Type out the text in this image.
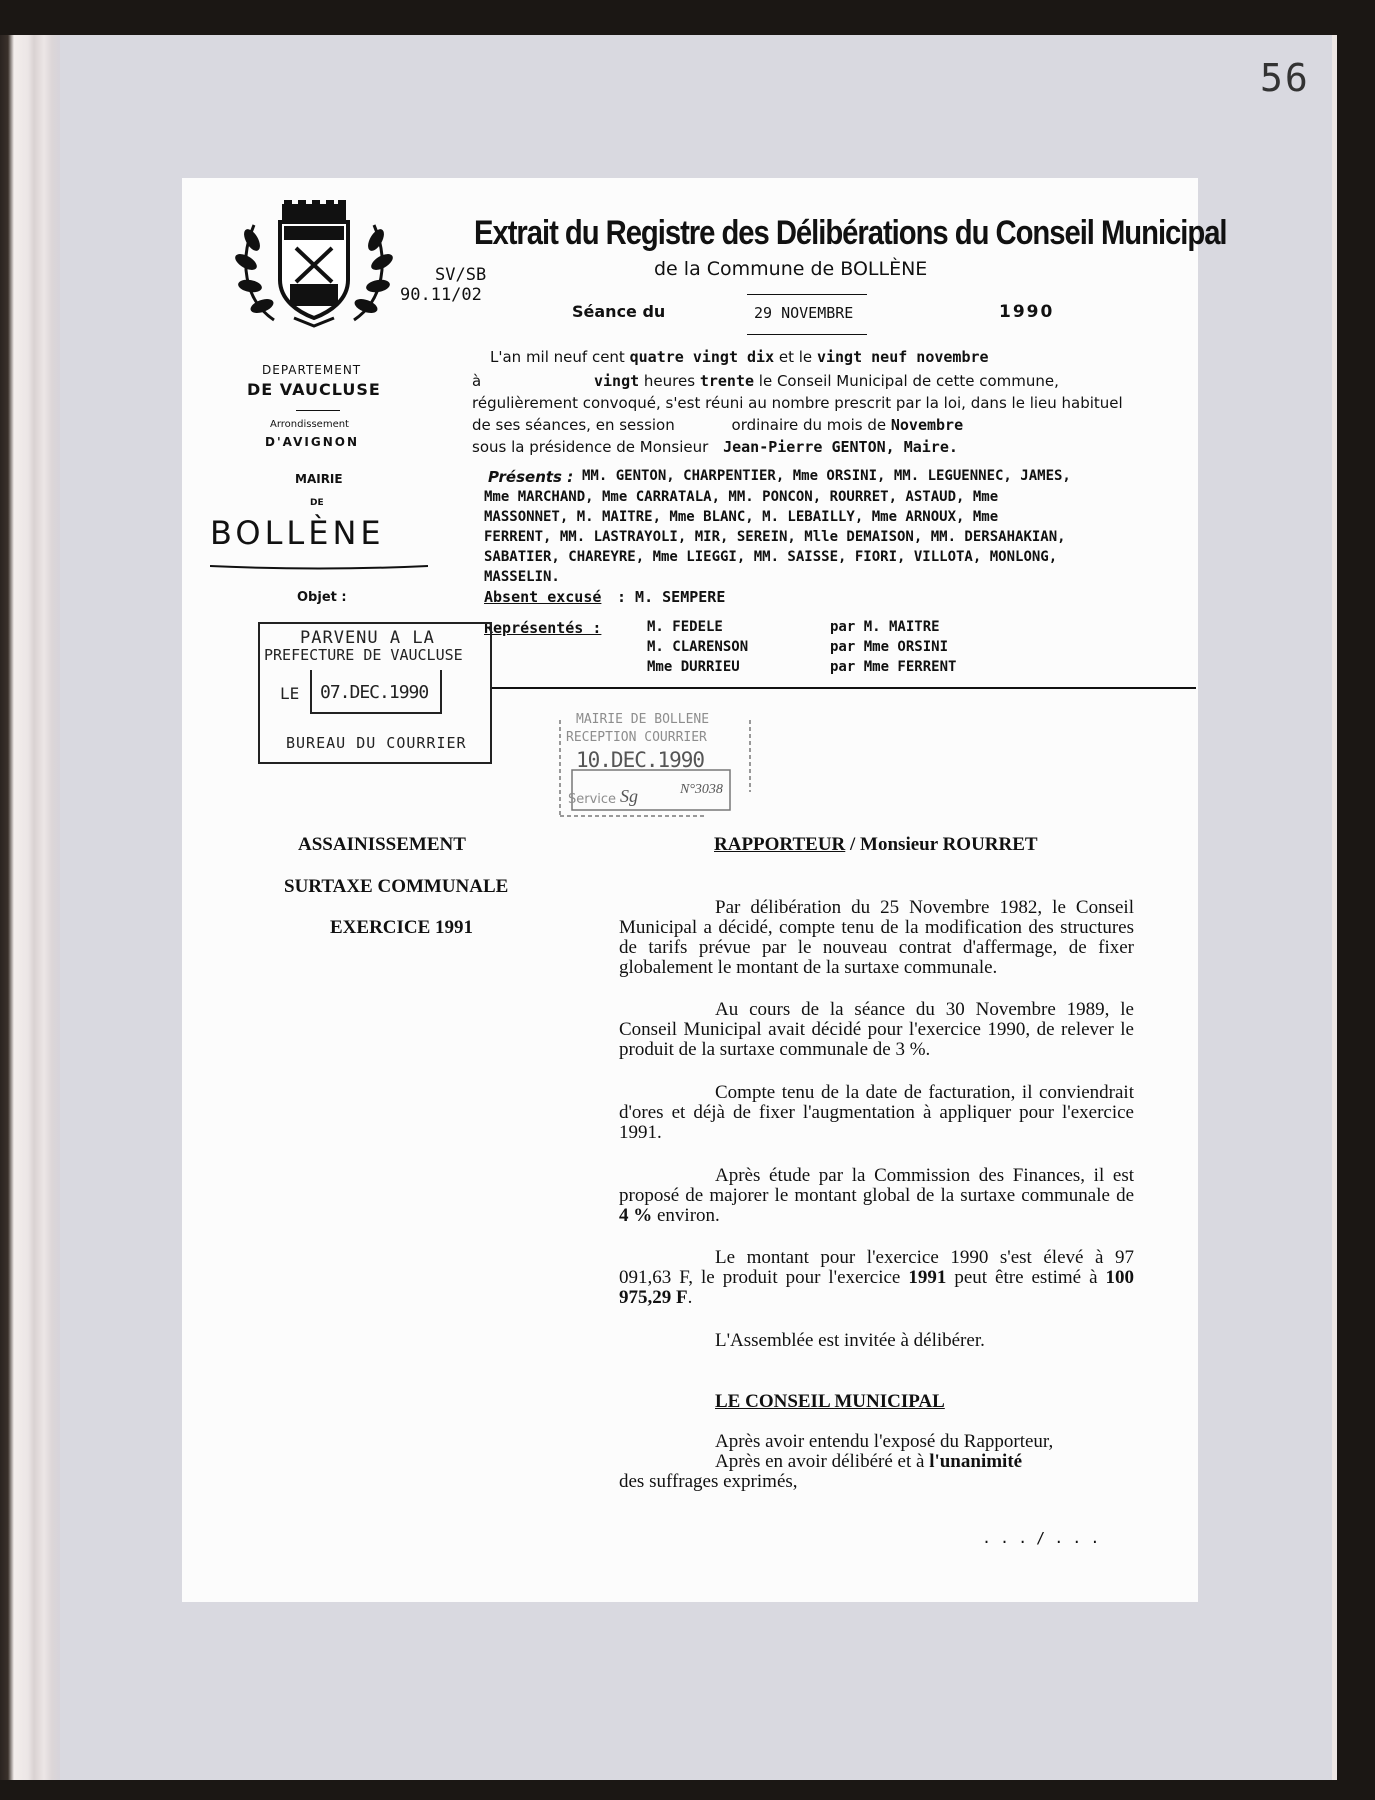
56
SV/SB
90.11/02
Extrait du Registre des Délibérations du Conseil Municipal
de la Commune de BOLLÈNE
Séance du	29 NOVEMBRE	1990
DEPARTEMENT
DE VAUCLUSE
Arrondissement
D'AVIGNON
MAIRIE
DE
BOLLÈNE
Objet :
L'an mil neuf cent quatre vingt dix et le vingt neuf novembre
à	vingt heures trente le Conseil Municipal de cette commune,
régulièrement convoqué, s'est réuni au nombre prescrit par la loi, dans le lieu habituel
de ses séances, en session	ordinaire du mois de Novembre
sous la présidence de Monsieur Jean-Pierre GENTON, Maire.
Présents : MM. GENTON, CHARPENTIER, Mme ORSINI, MM. LEGUENNEC, JAMES,
Mme MARCHAND, Mme CARRATALA, MM. PONCON, ROURRET, ASTAUD, Mme
MASSONNET, M. MAITRE, Mme BLANC, M. LEBAILLY, Mme ARNOUX, Mme
FERRENT, MM. LASTRAYOLI, MIR, SEREIN, Mlle DEMAISON, MM. DERSAHAKIAN,
SABATIER, CHAREYRE, Mme LIEGGI, MM. SAISSE, FIORI, VILLOTA, MONLONG,
MASSELIN.
Absent excusé : M. SEMPERE
Représentés :	M. FEDELE	par M. MAITRE
M. CLARENSON	par Mme ORSINI
Mme DURRIEU	par Mme FERRENT
PARVENU A LA
PREFECTURE DE VAUCLUSE
LE 07.DEC.1990
BUREAU DU COURRIER
MAIRIE DE BOLLENE
RECEPTION COURRIER
10.DEC.1990
Service Sg	N°3038
ASSAINISSEMENT
SURTAXE COMMUNALE
EXERCICE 1991
RAPPORTEUR / Monsieur ROURRET
Par délibération du 25 Novembre 1982, le Conseil Municipal a décidé, compte tenu de la modification des structures de tarifs prévue par le nouveau contrat d'affermage, de fixer globalement le montant de la surtaxe communale.
Au cours de la séance du 30 Novembre 1989, le Conseil Municipal avait décidé pour l'exercice 1990, de relever le produit de la surtaxe communale de 3 %.
Compte tenu de la date de facturation, il conviendrait d'ores et déjà de fixer l'augmentation à appliquer pour l'exercice 1991.
Après étude par la Commission des Finances, il est proposé de majorer le montant global de la surtaxe communale de 4 % environ.
Le montant pour l'exercice 1990 s'est élevé à 97 091,63 F, le produit pour l'exercice 1991 peut être estimé à 100 975,29 F.
L'Assemblée est invitée à délibérer.
LE CONSEIL MUNICIPAL
Après avoir entendu l'exposé du Rapporteur,
Après en avoir délibéré et à l'unanimité
des suffrages exprimés,
. . . / . . .
